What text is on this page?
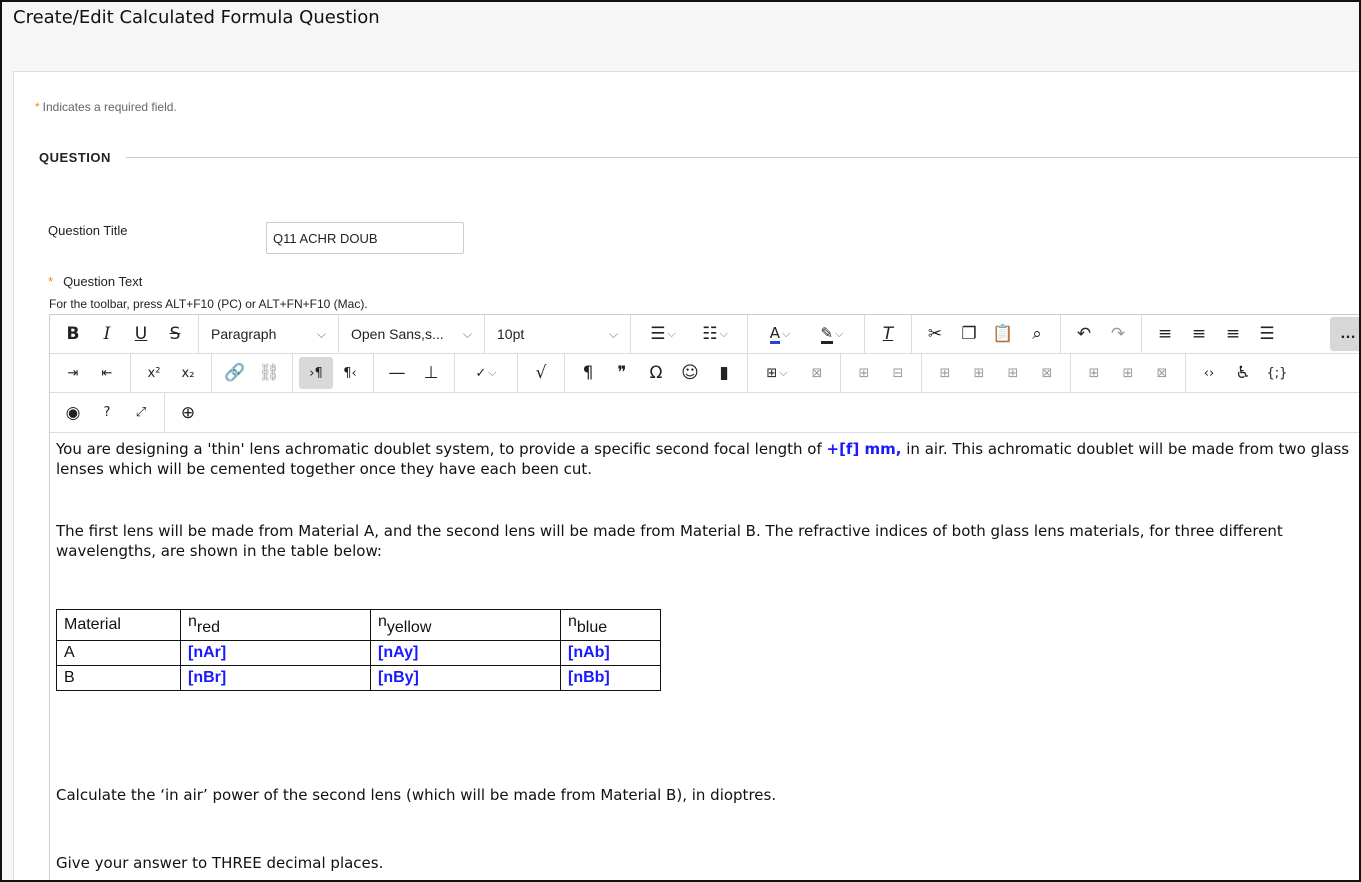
Create/Edit Calculated Formula Question
* Indicates a required field.
QUESTION
Question Title
Q11 ACHR DOUB
* Question Text
For the toolbar, press ALT+F10 (PC) or ALT+FN+F10 (Mac).
B	I	U	S	Paragraph	⌵ Open Sans,s... ⌵ 10pt	⌵ ☰ ⌵ ☷ ⌵	A ⌵ ✎ ⌵	T	✂ ❐ 📋 ⌕ ↶ ↷ ≡ ≡ ≡ ☰	…
⇥ ⇤	x² x₂ 🔗 ⛓ ›¶ ¶‹ — ⊥	✓ ⌵ √ ¶ ❞ Ω ☺ ▮	⊞ ⌵ ⊠	⊞ ⊟	⊞ ⊞ ⊞ ⊠	⊞ ⊞ ⊠	‹› ♿ {;}
◉ ? ⤢ ⊕

You are designing a 'thin' lens achromatic doublet system, to provide a specific second focal length of +[f] mm, in air. This achromatic doublet will be made from two glass lenses which will be cemented together once they have each been cut.

The first lens will be made from Material A, and the second lens will be made from Material B. The refractive indices of both glass lens materials, for three different wavelengths, are shown in the table below:

Material	nred	nyellow	nblue
A	[nAr]	[nAy]	[nAb]
B	[nBr]	[nBy]	[nBb]

Calculate the ‘in air’ power of the second lens (which will be made from Material B), in dioptres.

Give your answer to THREE decimal places.
